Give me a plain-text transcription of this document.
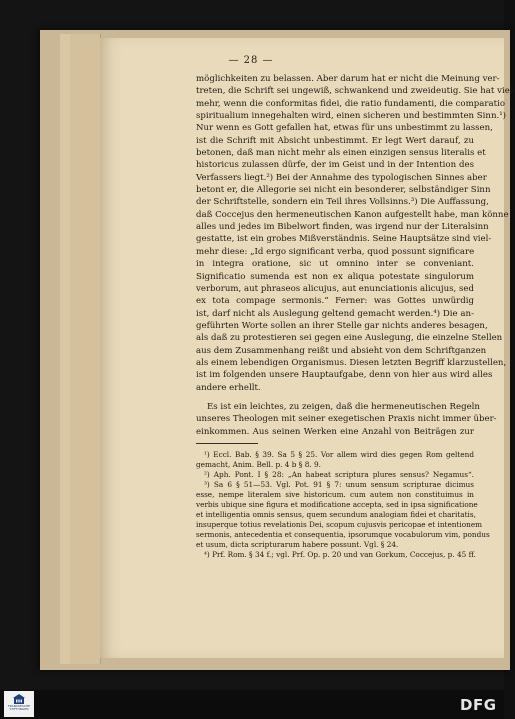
— 28 —
möglichkeiten zu belassen. Aber darum hat er nicht die Meinung ver-
treten, die Schrift sei ungewiß, schwankend und zweideutig. Sie hat viel-
mehr, wenn die conformitas fidei, die ratio fundamenti, die comparatio
spiritualium innegehalten wird, einen sicheren und bestimmten Sinn.¹)
Nur wenn es Gott gefallen hat, etwas für uns unbestimmt zu lassen,
ist die Schrift mit Absicht unbestimmt. Er legt Wert darauf, zu
betonen, daß man nicht mehr als einen einzigen sensus literalis et
historicus zulassen dürfe, der im Geist und in der Intention des
Verfassers liegt.²) Bei der Annahme des typologischen Sinnes aber
betont er, die Allegorie sei nicht ein besonderer, selbständiger Sinn
der Schriftstelle, sondern ein Teil ihres Vollsinns.³) Die Auffassung,
daß Coccejus den hermeneutischen Kanon aufgestellt habe, man könne
alles und jedes im Bibelwort finden, was irgend nur der Literalsinn
gestatte, ist ein grobes Mißverständnis. Seine Hauptsätze sind viel-
mehr diese: „Id ergo significant verba, quod possunt significare
in integra oratione, sic ut omnino inter se conveniant.
Significatio sumenda est non ex aliqua potestate singulorum
verborum, aut phraseos alicujus, aut enunciationis alicujus, sed
ex tota compage sermonis.“ Ferner: was Gottes unwürdig
ist, darf nicht als Auslegung geltend gemacht werden.⁴) Die an-
geführten Worte sollen an ihrer Stelle gar nichts anderes besagen,
als daß zu protestieren sei gegen eine Auslegung, die einzelne Stellen
aus dem Zusammenhang reißt und absieht von dem Schriftganzen
als einem lebendigen Organismus. Diesen letzten Begriff klarzustellen,
ist im folgenden unsere Hauptaufgabe, denn von hier aus wird alles
andere erhellt.
Es ist ein leichtes, zu zeigen, daß die hermeneutischen Regeln
unseres Theologen mit seiner exegetischen Praxis nicht immer über-
einkommen. Aus seinen Werken eine Anzahl von Beiträgen zur
¹) Eccl. Bab. § 39. Sa 5 § 25. Vor allem wird dies gegen Rom geltend
gemacht, Anim. Bell. p. 4 b § 8. 9.
²) Aph. Pont. I § 28: „An habeat scriptura plures sensus? Negamus“.
³) Sa 6 § 51—53. Vgl. Pot. 91 § 7: unum sensum scripturae dicimus
esse, nempe literalem sive historicum. cum autem non constituimus in
verbis ubique sine figura et modificatione accepta, sed in ipsa significatione
et intelligentia omnis sensus, quem secundum analogiam fidei et charitatis,
insuperque totius revelationis Dei, scopum cujusvis pericopae et intentionem
sermonis, antecedentia et consequentia, ipsorumque vocabulorum vim, pondus
et usum, dicta scripturarum habere possunt. Vgl. § 24.
⁴) Prf. Rom. § 34 f.; vgl. Prf. Op. p. 20 und van Gorkum, Coccejus, p. 45 ff.
FRANCKESCHE STIFTUNGEN	DFG
